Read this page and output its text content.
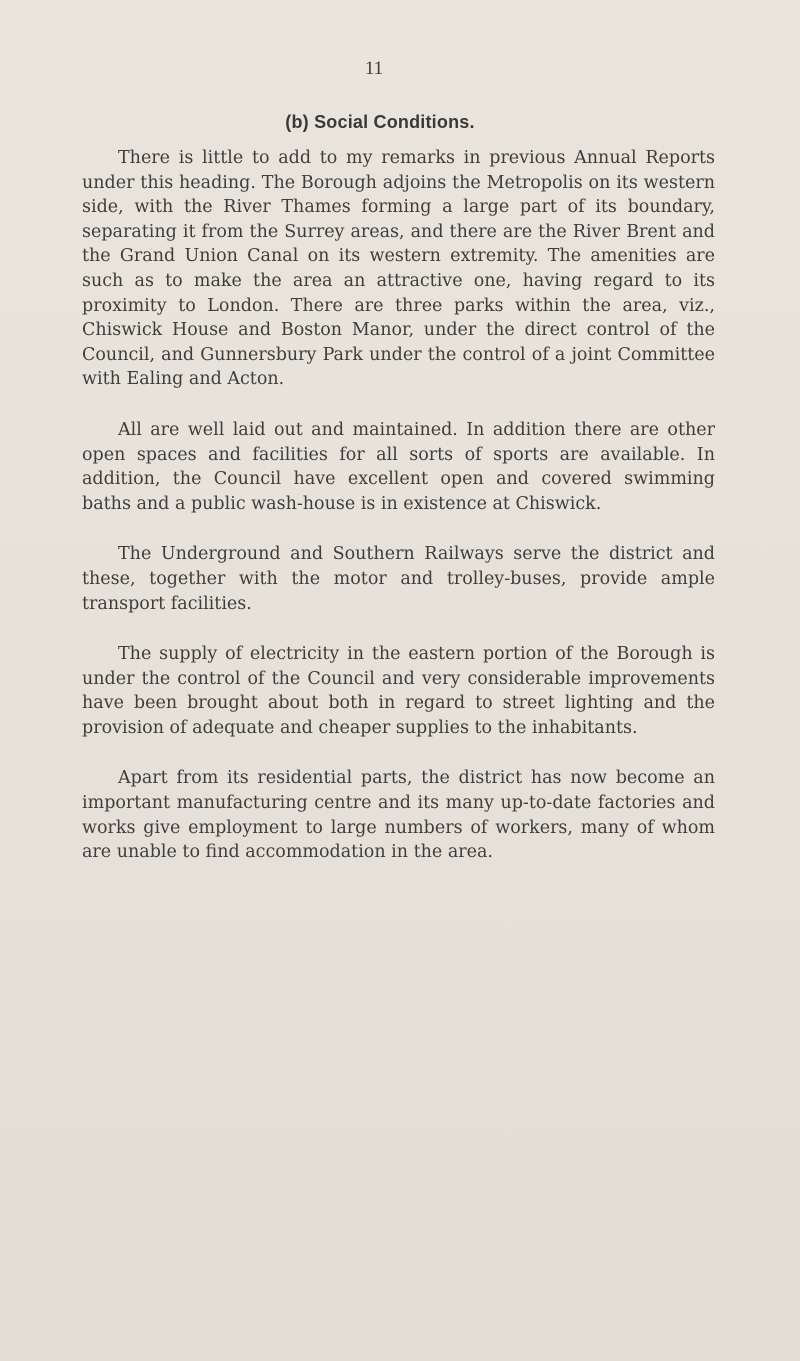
11
(b) Social Conditions.

There is little to add to my remarks in previous Annual Reports under this heading. The Borough adjoins the Metropolis on its western side, with the River Thames forming a large part of its boundary, separating it from the Surrey areas, and there are the River Brent and the Grand Union Canal on its western extremity. The amenities are such as to make the area an attractive one, having regard to its proximity to London. There are three parks within the area, viz., Chiswick House and Boston Manor, under the direct control of the Council, and Gunnersbury Park under the control of a joint Committee with Ealing and Acton.

All are well laid out and maintained. In addition there are other open spaces and facilities for all sorts of sports are available. In addition, the Council have excellent open and covered swimming baths and a public wash-house is in existence at Chiswick.

The Underground and Southern Railways serve the district and these, together with the motor and trolley-buses, provide ample transport facilities.

The supply of electricity in the eastern portion of the Borough is under the control of the Council and very considerable improvements have been brought about both in regard to street lighting and the provision of adequate and cheaper supplies to the inhabitants.

Apart from its residential parts, the district has now become an important manufacturing centre and its many up-to-date factories and works give employment to large numbers of workers, many of whom are unable to find accommodation in the area.
